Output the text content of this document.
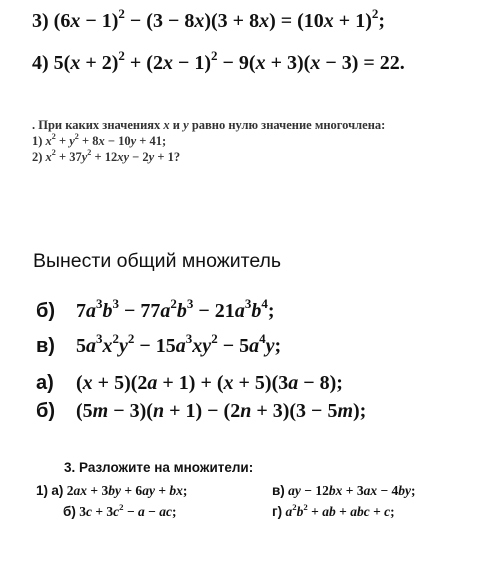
3) $(6x - 1)^2 - (3 - 8x)(3 + 8x) = (10x + 1)^2$;
4) $5(x + 2)^2 + (2x - 1)^2 - 9(x + 3)(x - 3) = 22$.
. При каких значениях x и y равно нулю значение многочлена:
1) $x^2 + y^2 + 8x - 10y + 41$;
2) $x^2 + 37y^2 + 12xy - 2y + 1$?
Вынести общий множитель
б) $7a^3b^3 - 77a^2b^3 - 21a^3b^4$;
в) $5a^3x^2y^2 - 15a^3xy^2 - 5a^4y$;
а) (x + 5)(2a + 1) + (x + 5)(3a − 8);
б) (5m − 3)(n + 1) − (2n + 3)(3 − 5m);
3. Разложите на множители:
1) а) 2ax + 3by + 6ay + bx;	в) ay − 12bx + 3ax − 4by;
б) $3c + 3c^2 - a$ − ac;	г) $a^2b^2$ + ab + abc + c;
